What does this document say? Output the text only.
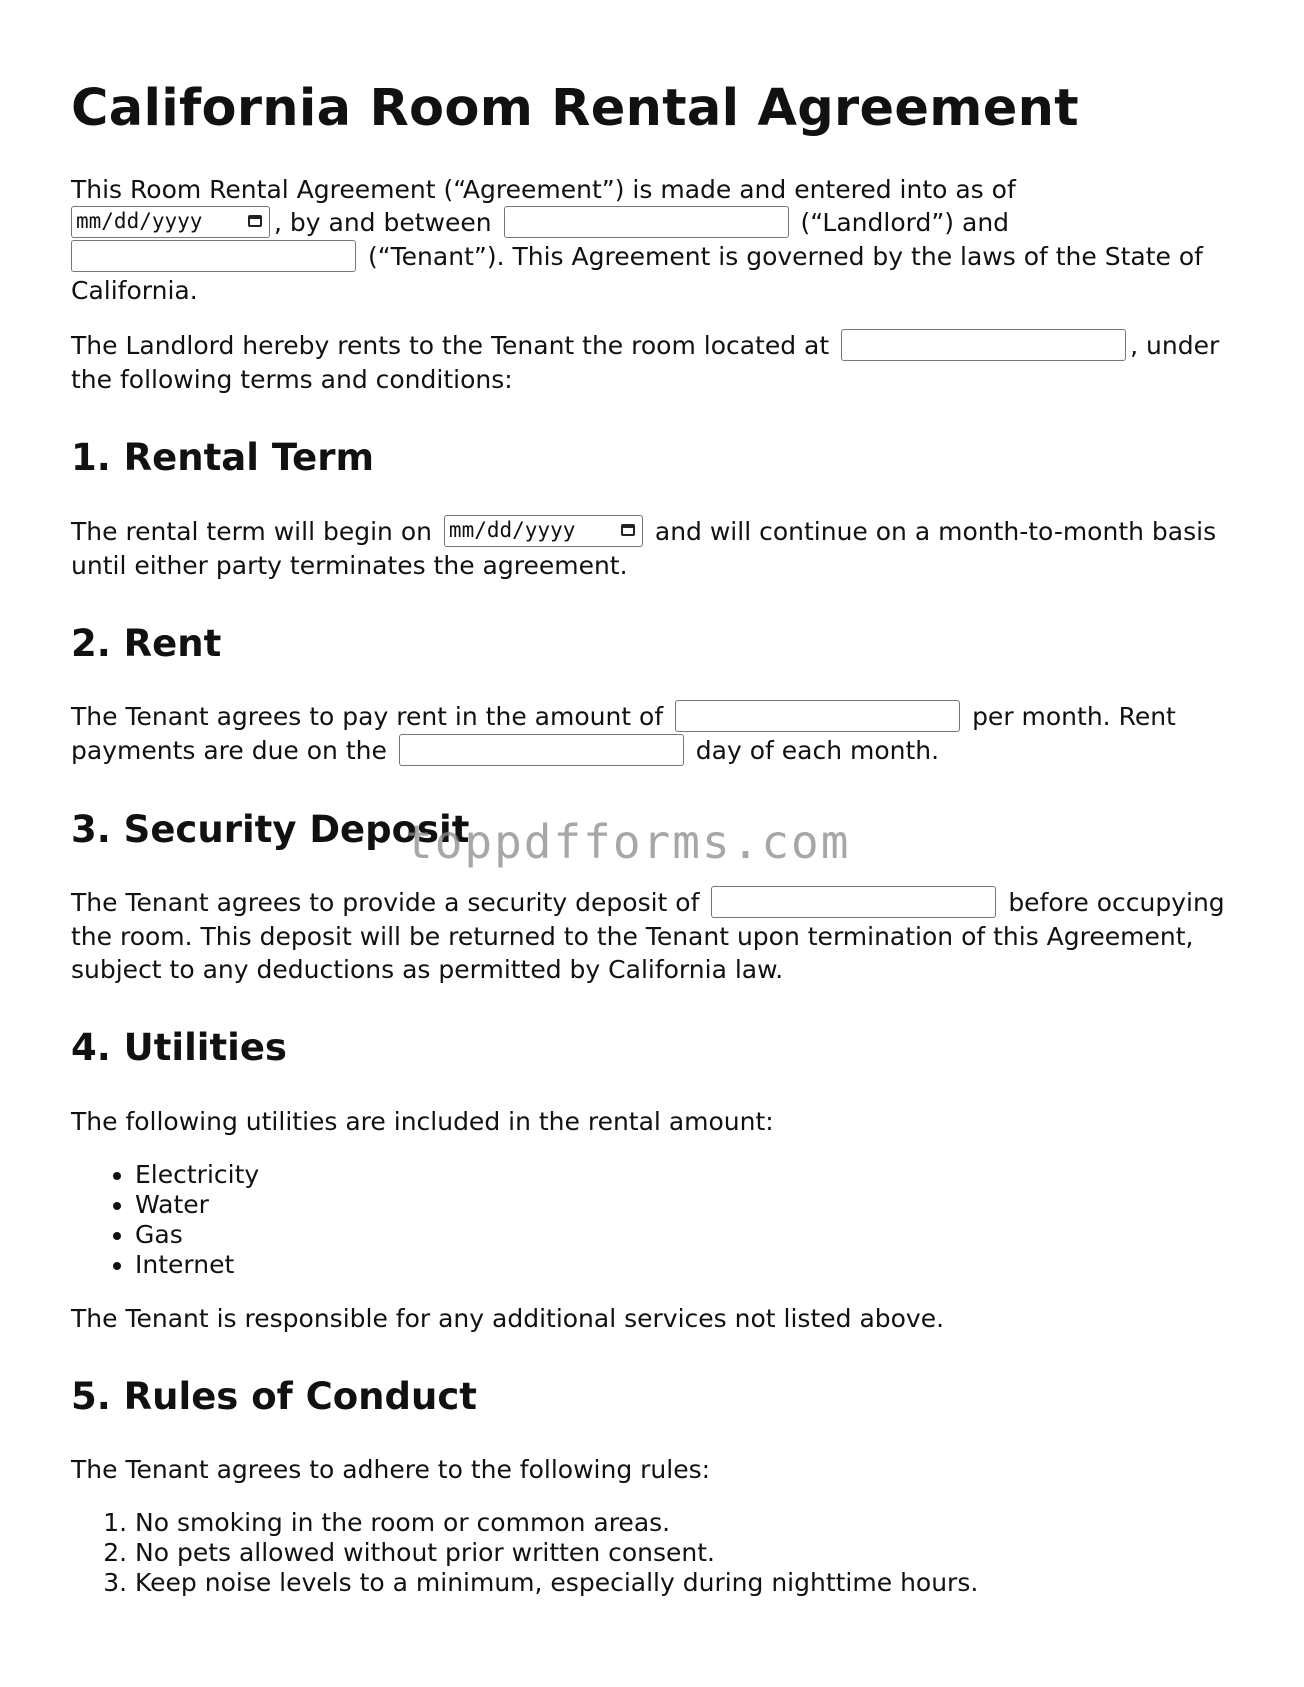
California Room Rental Agreement

This Room Rental Agreement (“Agreement”) is made and entered into as of
mm/dd/yyyy	, by and between	(“Landlord”) and
(“Tenant”). This Agreement is governed by the laws of the State of California.

The Landlord hereby rents to the Tenant the room located at	, under the following terms and conditions:

1. Rental Term

The rental term will begin on mm/dd/yyyy	and will continue on a month-to-month basis until either party terminates the agreement.

2. Rent

The Tenant agrees to pay rent in the amount of	per month. Rent payments are due on the	day of each month.

3. Security Deposit

The Tenant agrees to provide a security deposit of	before occupying the room. This deposit will be returned to the Tenant upon termination of this Agreement, subject to any deductions as permitted by California law.

4. Utilities

The following utilities are included in the rental amount:

• Electricity
• Water
• Gas
• Internet

The Tenant is responsible for any additional services not listed above.

5. Rules of Conduct

The Tenant agrees to adhere to the following rules:

1. No smoking in the room or common areas.
2. No pets allowed without prior written consent.
3. Keep noise levels to a minimum, especially during nighttime hours.
toppdfforms.com
